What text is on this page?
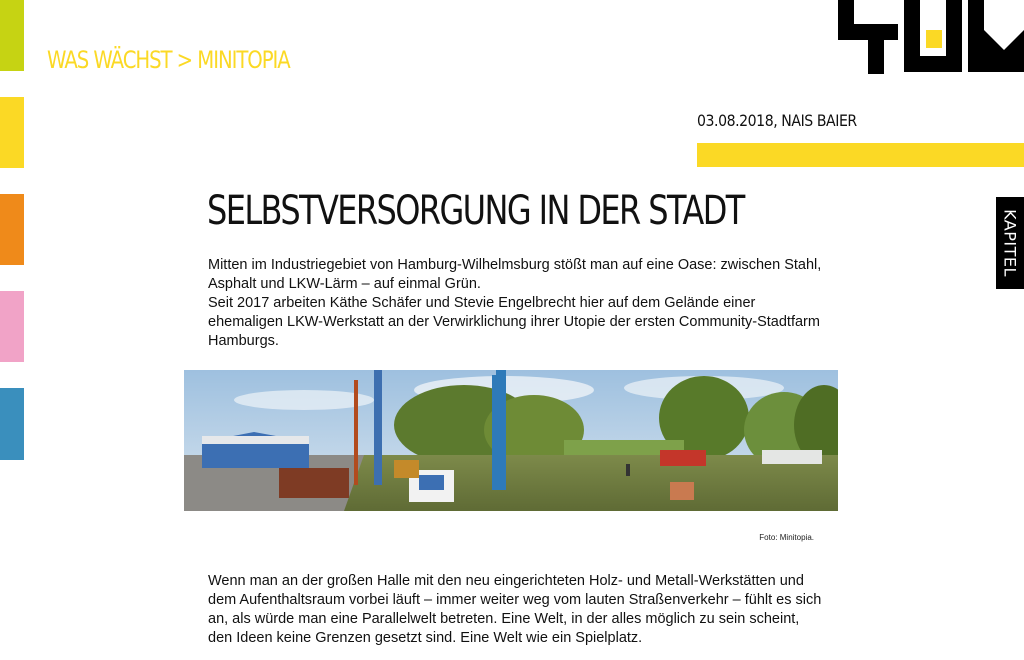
WAS WÄCHST > MINITOPIA
03.08.2018, NAIS BAIER
KAPITEL
SELBSTVERSORGUNG IN DER STADT

Mitten im Industriegebiet von Hamburg-Wilhelmsburg stößt man auf eine Oase: zwischen Stahl, Asphalt und LKW-Lärm – auf einmal Grün.

Seit 2017 arbeiten Käthe Schäfer und Stevie Engelbrecht hier auf dem Gelände einer ehemaligen LKW-Werkstatt an der Verwirklichung ihrer Utopie der ersten Community-Stadtfarm Hamburgs.

Foto: Minitopia.

Wenn man an der großen Halle mit den neu eingerichteten Holz- und Metall-Werkstätten und dem Aufenthaltsraum vorbei läuft – immer weiter weg vom lauten Straßenverkehr – fühlt es sich an, als würde man eine Parallelwelt betreten. Eine Welt, in der alles möglich zu sein scheint, den Ideen keine Grenzen gesetzt sind. Eine Welt wie ein Spielplatz.
